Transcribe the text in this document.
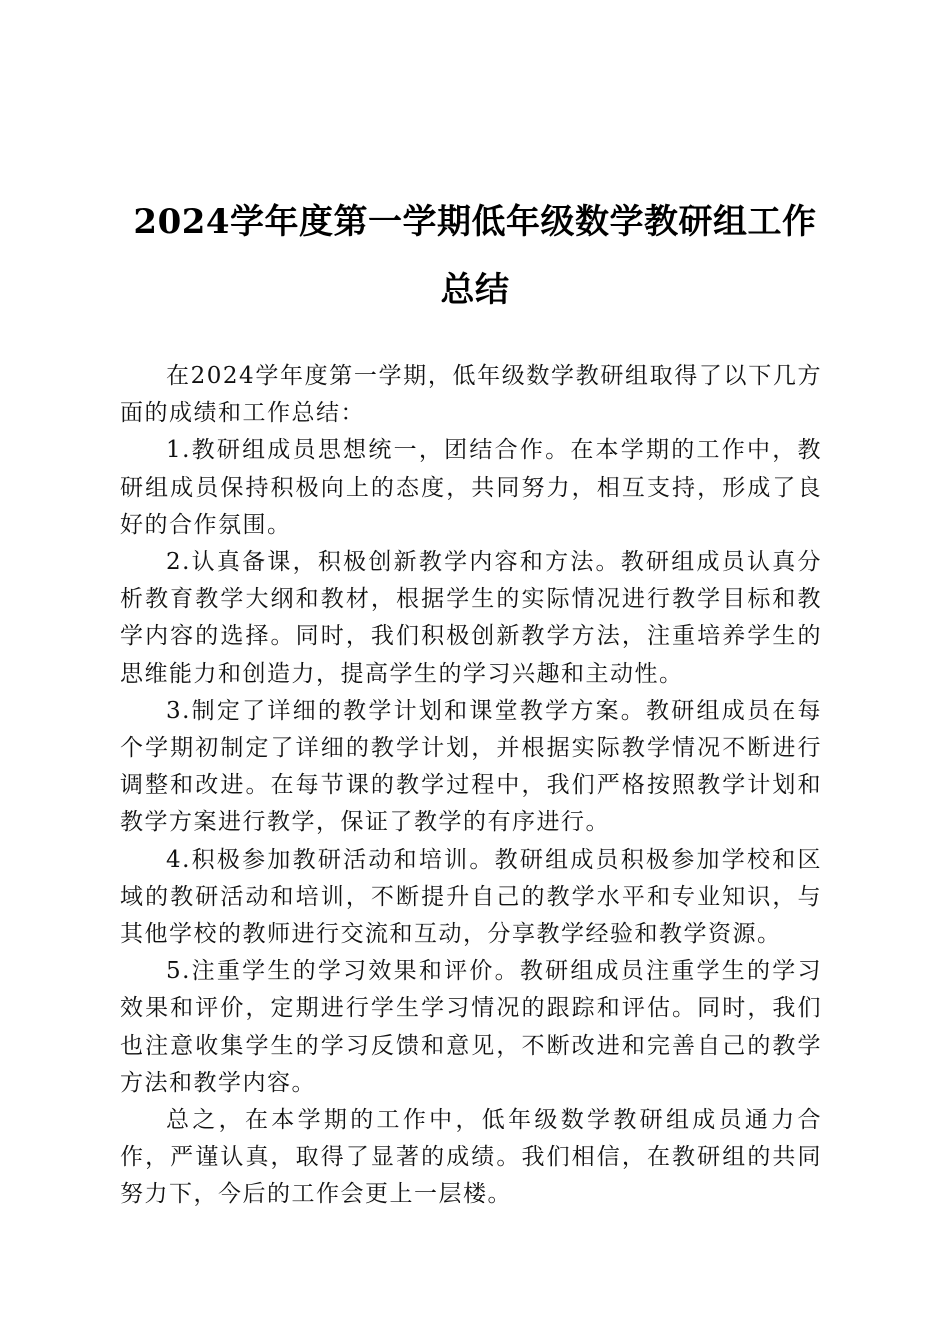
2024学年度第一学期低年级数学教研组工作
总结

在2024学年度第一学期，低年级数学教研组取得了以下几方面的成绩和工作总结：

1.教研组成员思想统一，团结合作。在本学期的工作中，教研组成员保持积极向上的态度，共同努力，相互支持，形成了良好的合作氛围。

2.认真备课，积极创新教学内容和方法。教研组成员认真分析教育教学大纲和教材，根据学生的实际情况进行教学目标和教学内容的选择。同时，我们积极创新教学方法，注重培养学生的思维能力和创造力，提高学生的学习兴趣和主动性。

3.制定了详细的教学计划和课堂教学方案。教研组成员在每个学期初制定了详细的教学计划，并根据实际教学情况不断进行调整和改进。在每节课的教学过程中，我们严格按照教学计划和教学方案进行教学，保证了教学的有序进行。

4.积极参加教研活动和培训。教研组成员积极参加学校和区域的教研活动和培训，不断提升自己的教学水平和专业知识，与其他学校的教师进行交流和互动，分享教学经验和教学资源。

5.注重学生的学习效果和评价。教研组成员注重学生的学习效果和评价，定期进行学生学习情况的跟踪和评估。同时，我们也注意收集学生的学习反馈和意见，不断改进和完善自己的教学方法和教学内容。

总之，在本学期的工作中，低年级数学教研组成员通力合作，严谨认真，取得了显著的成绩。我们相信，在教研组的共同努力下，今后的工作会更上一层楼。
